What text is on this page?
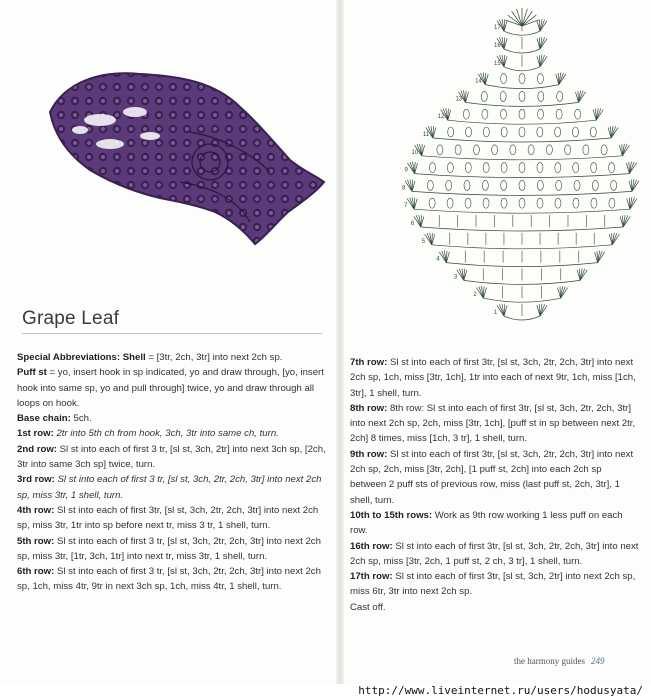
1
2
3
4
5
6
7
8
9
10
11
12
13
14
15
16
17
Grape Leaf

Special Abbreviations: Shell = [3tr, 2ch, 3tr] into next 2ch sp.

Puff st = yo, insert hook in sp indicated, yo and draw through, [yo, insert hook into same sp, yo and pull through] twice, yo and draw through all loops on hook.

Base chain: 5ch.

1st row: 2tr into 5th ch from hook, 3ch, 3tr into same ch, turn.

2nd row: Sl st into each of first 3 tr, [sl st, 3ch, 2tr] into next 3ch sp, [2ch, 3tr into same 3ch sp] twice, turn.

3rd row: Sl st into each of first 3 tr, [sl st, 3ch, 2tr, 2ch, 3tr] into next 2ch sp, miss 3tr, 1 shell, turn.

4th row: Sl st into each of first 3tr, [sl st, 3ch, 2tr, 2ch, 3tr] into next 2ch sp, miss 3tr, 1tr into sp before next tr, miss 3 tr, 1 shell, turn.

5th row: Sl st into each of first 3 tr, [sl st, 3ch, 2tr, 2ch, 3tr] into next 2ch sp, miss 3tr, [1tr, 3ch, 1tr] into next tr, miss 3tr, 1 shell, turn.

6th row: Sl st into each of first 3 tr, [sl st, 3ch, 2tr, 2ch, 3tr] into next 2ch sp, 1ch, miss 4tr, 9tr in next 3ch sp, 1ch, miss 4tr, 1 shell, turn.

7th row: Sl st into each of first 3tr, [sl st, 3ch, 2tr, 2ch, 3tr] into next 2ch sp, 1ch, miss [3tr, 1ch], 1tr into each of next 9tr, 1ch, miss [1ch, 3tr], 1 shell, turn.

8th row: 8th row: Sl st into each of first 3tr, [sl st, 3ch, 2tr, 2ch, 3tr] into next 2ch sp, 2ch, miss [3tr, 1ch], [puff st in sp between next 2tr, 2ch] 8 times, miss [1ch, 3 tr], 1 shell, turn.

9th row: Sl st into each of first 3tr, [sl st, 3ch, 2tr, 2ch, 3tr] into next 2ch sp, 2ch, miss [3tr, 2ch], [1 puff st, 2ch] into each 2ch sp between 2 puff sts of previous row, miss (last puff st, 2ch, 3tr], 1 shell, turn.

10th to 15th rows: Work as 9th row working 1 less puff on each row.

16th row: Sl st into each of first 3tr, [sl st, 3ch, 2tr, 2ch, 3tr] into next 2ch sp, miss [3tr, 2ch, 1 puff st, 2 ch, 3 tr], 1 shell, turn.

17th row: Sl st into each of first 3tr, [sl st, 3ch, 2tr] into next 2ch sp, miss 6tr, 3tr into next 2ch sp.

Cast off.

the harmony guides 249
http://www.liveinternet.ru/users/hodusyata/
